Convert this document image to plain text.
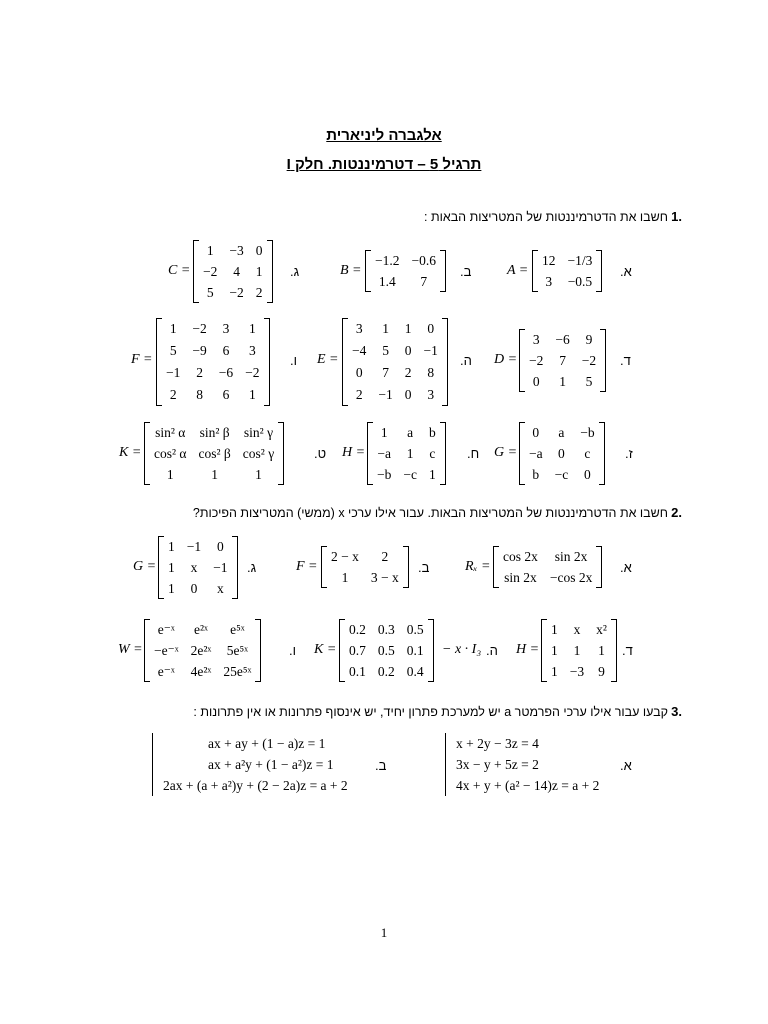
אלגברה ליניארית
תרגיל 5 – דטרמיננטות. חלק I
.1
חשבו את הדטרמיננטות של המטריצות הבאות :
א.
A =
12	−1/3
3	−0.5
ב.
B =
−1.2	−0.6
1.4	7
ג.
C =
1	−3	0
−2	4	1
5	−2	2
ד.
D =
3	−6	9
−2	7	−2
0	1	5
ה.
E =
3	1	1	0
−4	5	0	−1
0	7	2	8
2	−1	0	3
ו.
F =
1	−2	3	1
5	−9	6	3
−1	2	−6	−2
2	8	6	1
ז.
G =
0	a	−b
−a	0	c
b	−c	0
ח.
H =
1	a	b
−a	1	c
−b	−c	1
ט.
K =
sin² α	sin² β	sin² γ
cos² α	cos² β	cos² γ
1	1	1
.2
חשבו את הדטרמיננטות של המטריצות הבאות. עבור אילו ערכי x (ממשי) המטריצות הפיכות?
א.
Rₓ =
cos 2x	sin 2x
sin 2x	−cos 2x
ב.
F =
2 − x	2
1	3 − x
ג.
G =
1	−1	0
1	x	−1
1	0	x
ד.
H =
1	x	x²
1	1	1
1	−3	9
ה.
K =
0.2	0.3	0.5
0.7	0.5	0.1
0.1	0.2	0.4
− x · I₃
ו.
W =
e⁻ˣ	e²ˣ	e⁵ˣ
−e⁻ˣ	2e²ˣ	5e⁵ˣ
e⁻ˣ	4e²ˣ	25e⁵ˣ
.3
קבעו עבור אילו ערכי הפרמטר a יש למערכת פתרון יחיד, יש אינסוף פתרונות או אין פתרונות :
א.
x + 2y − 3z = 4
3x − y + 5z = 2
4x + y + (a² − 14)z = a + 2
ב.
ax + ay + (1 − a)z = 1
ax + a²y + (1 − a²)z = 1
2ax + (a + a²)y + (2 − 2a)z = a + 2
1
